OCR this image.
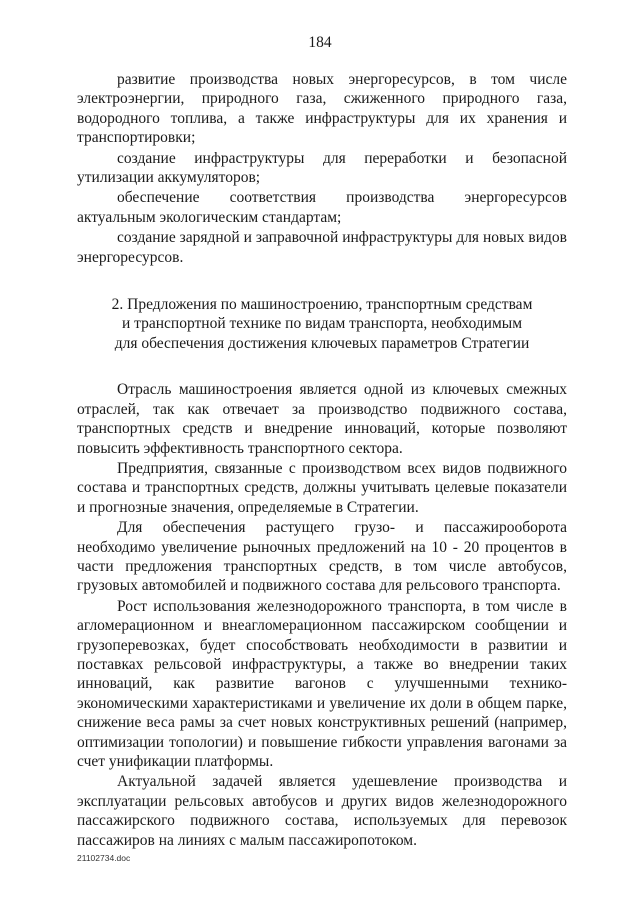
184

развитие производства новых энергоресурсов, в том числе электроэнергии, природного газа, сжиженного природного газа, водородного топлива, а также инфраструктуры для их хранения и транспортировки;

создание инфраструктуры для переработки и безопасной утилизации аккумуляторов;

обеспечение соответствия производства энергоресурсов актуальным экологическим стандартам;

создание зарядной и заправочной инфраструктуры для новых видов энергоресурсов.

2. Предложения по машиностроению, транспортным средствам
и транспортной технике по видам транспорта, необходимым
для обеспечения достижения ключевых параметров Стратегии

Отрасль машиностроения является одной из ключевых смежных отраслей, так как отвечает за производство подвижного состава, транспортных средств и внедрение инноваций, которые позволяют повысить эффективность транспортного сектора.

Предприятия, связанные с производством всех видов подвижного состава и транспортных средств, должны учитывать целевые показатели и прогнозные значения, определяемые в Стратегии.

Для обеспечения растущего грузо- и пассажирооборота необходимо увеличение рыночных предложений на 10 - 20 процентов в части предложения транспортных средств, в том числе автобусов, грузовых автомобилей и подвижного состава для рельсового транспорта.

Рост использования железнодорожного транспорта, в том числе в агломерационном и внеагломерационном пассажирском сообщении и грузоперевозках, будет способствовать необходимости в развитии и поставках рельсовой инфраструктуры, а также во внедрении таких инноваций, как развитие вагонов с улучшенными технико-экономическими характеристиками и увеличение их доли в общем парке, снижение веса рамы за счет новых конструктивных решений (например, оптимизации топологии) и повышение гибкости управления вагонами за счет унификации платформы.

Актуальной задачей является удешевление производства и эксплуатации рельсовых автобусов и других видов железнодорожного пассажирского подвижного состава, используемых для перевозок пассажиров на линиях с малым пассажиропотоком.

21102734.doc
